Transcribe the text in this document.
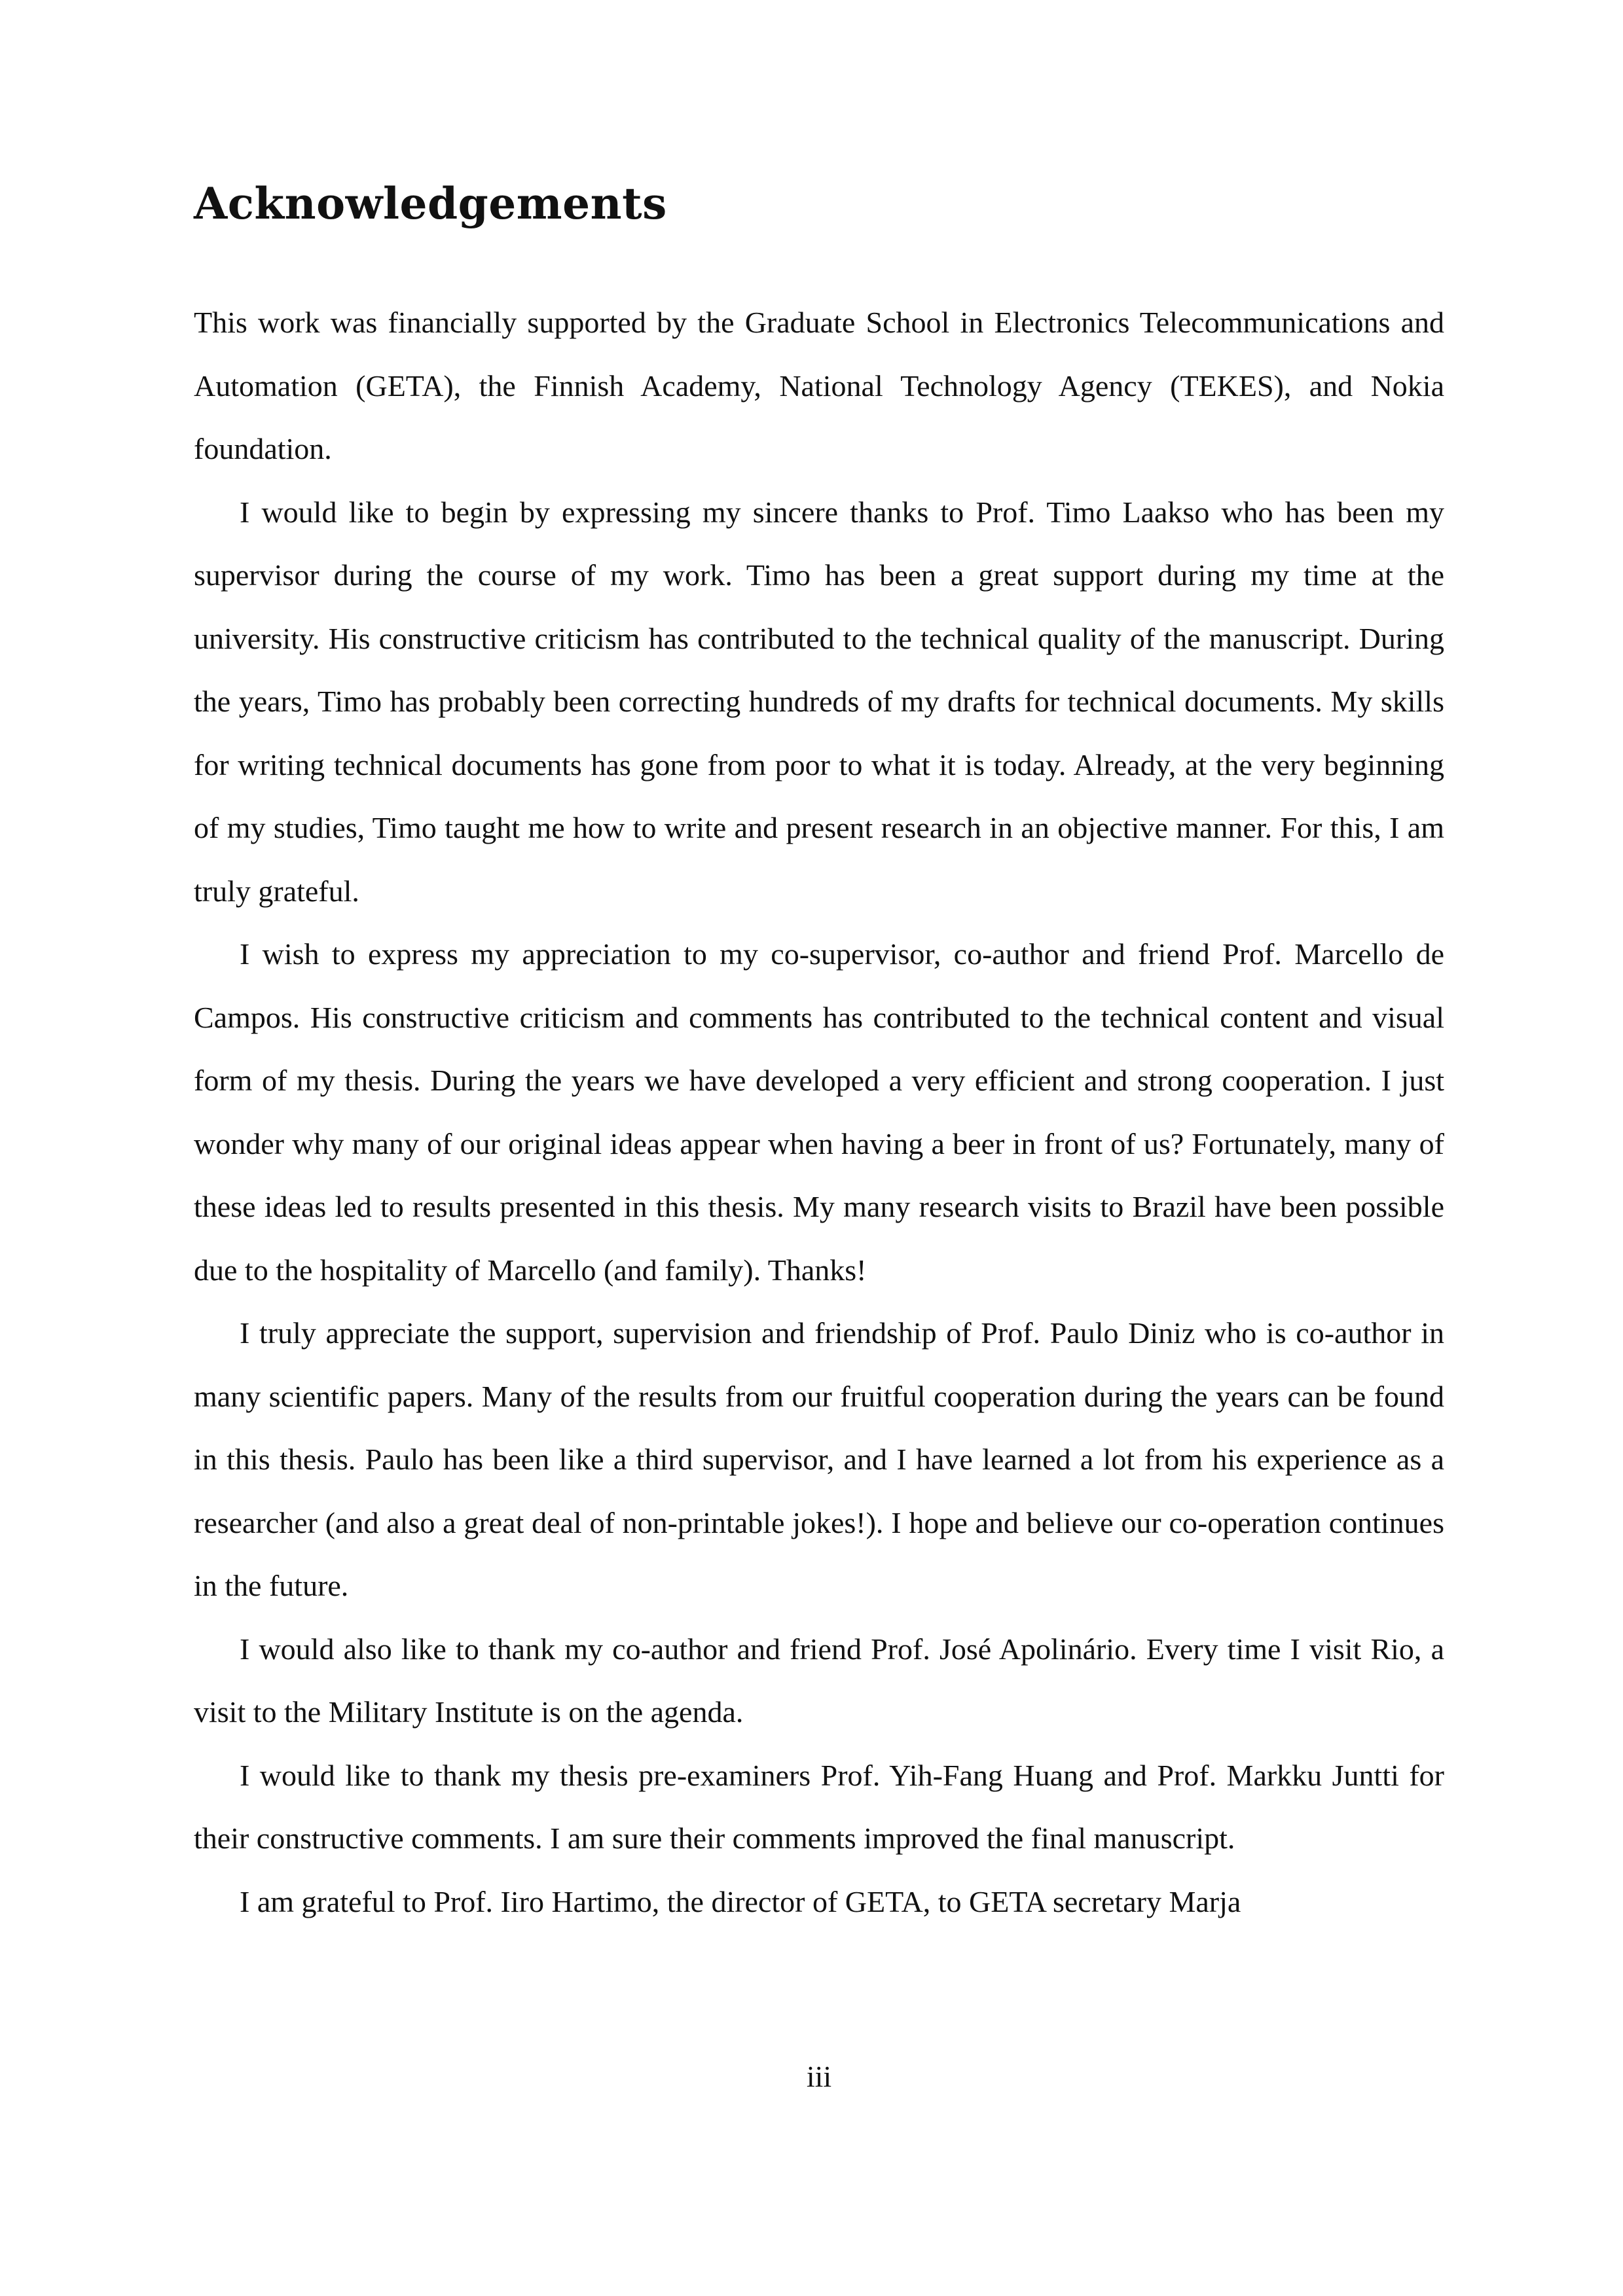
Acknowledgements

This work was financially supported by the Graduate School in Electronics Telecommunications and Automation (GETA), the Finnish Academy, National Technology Agency (TEKES), and Nokia foundation.

I would like to begin by expressing my sincere thanks to Prof. Timo Laakso who has been my supervisor during the course of my work. Timo has been a great support during my time at the university. His constructive criticism has contributed to the technical quality of the manuscript. During the years, Timo has probably been correcting hundreds of my drafts for technical documents. My skills for writing technical documents has gone from poor to what it is today. Already, at the very beginning of my studies, Timo taught me how to write and present research in an objective manner. For this, I am truly grateful.

I wish to express my appreciation to my co-supervisor, co-author and friend Prof. Marcello de Campos. His constructive criticism and comments has contributed to the technical content and visual form of my thesis. During the years we have developed a very efficient and strong cooperation. I just wonder why many of our original ideas appear when having a beer in front of us? Fortunately, many of these ideas led to results presented in this thesis. My many research visits to Brazil have been possible due to the hospitality of Marcello (and family). Thanks!

I truly appreciate the support, supervision and friendship of Prof. Paulo Diniz who is co-author in many scientific papers. Many of the results from our fruitful cooperation during the years can be found in this thesis. Paulo has been like a third supervisor, and I have learned a lot from his experience as a researcher (and also a great deal of non-printable jokes!). I hope and believe our co-operation continues in the future.

I would also like to thank my co-author and friend Prof. José Apolinário. Every time I visit Rio, a visit to the Military Institute is on the agenda.

I would like to thank my thesis pre-examiners Prof. Yih-Fang Huang and Prof. Markku Juntti for their constructive comments. I am sure their comments improved the final manuscript.

I am grateful to Prof. Iiro Hartimo, the director of GETA, to GETA secretary Marja

iii
